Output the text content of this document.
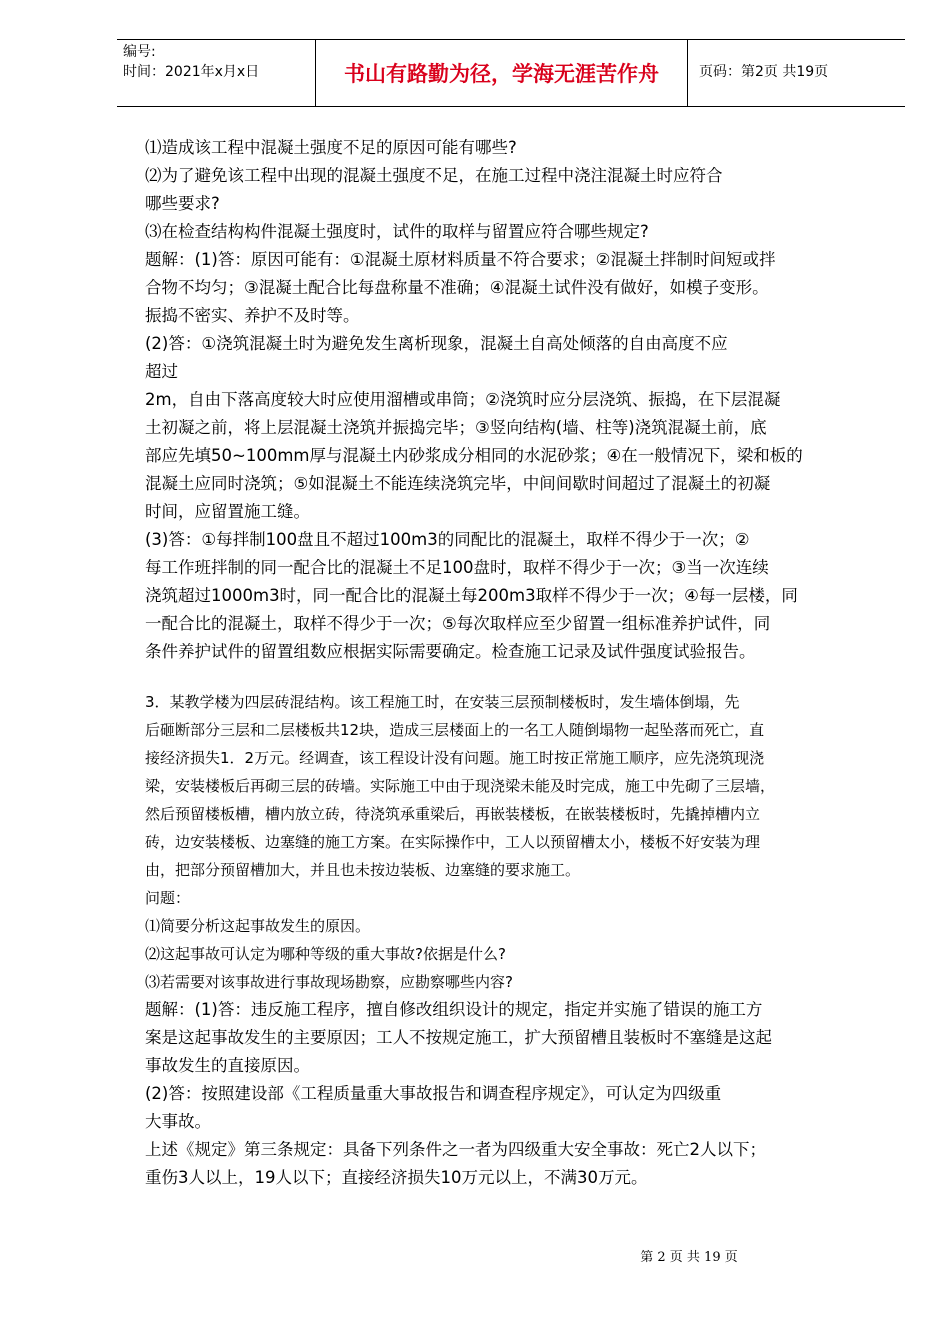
编号:
时间：2021年x月x日	书山有路勤为径，学海无涯苦作舟	页码：第2页 共19页

⑴造成该工程中混凝土强度不足的原因可能有哪些?

⑵为了避免该工程中出现的混凝土强度不足，在施工过程中浇注混凝土时应符合

哪些要求?

⑶在检查结构构件混凝土强度时，试件的取样与留置应符合哪些规定?

题解：(1)答：原因可能有：①混凝土原材料质量不符合要求；②混凝土拌制时间短或拌

合物不均匀；③混凝土配合比每盘称量不准确；④混凝土试件没有做好，如模子变形。

振捣不密实、养护不及时等。

(2)答：①浇筑混凝土时为避免发生离析现象，混凝土自高处倾落的自由高度不应

超过

2m，自由下落高度较大时应使用溜槽或串筒；②浇筑时应分层浇筑、振捣，在下层混凝

土初凝之前，将上层混凝土浇筑并振捣完毕；③竖向结构(墙、柱等)浇筑混凝土前，底

部应先填50~100mm厚与混凝土内砂浆成分相同的水泥砂浆；④在一般情况下，梁和板的

混凝土应同时浇筑；⑤如混凝土不能连续浇筑完毕，中间间歇时间超过了混凝土的初凝

时间，应留置施工缝。

(3)答：①每拌制100盘且不超过100m3的同配比的混凝土，取样不得少于一次；②

每工作班拌制的同一配合比的混凝土不足100盘时，取样不得少于一次；③当一次连续

浇筑超过1000m3时，同一配合比的混凝土每200m3取样不得少于一次；④每一层楼，同

一配合比的混凝土，取样不得少于一次；⑤每次取样应至少留置一组标准养护试件，同

条件养护试件的留置组数应根据实际需要确定。检查施工记录及试件强度试验报告。

3．某教学楼为四层砖混结构。该工程施工时，在安装三层预制楼板时，发生墙体倒塌，先

后砸断部分三层和二层楼板共12块，造成三层楼面上的一名工人随倒塌物一起坠落而死亡，直

接经济损失1．2万元。经调查，该工程设计没有问题。施工时按正常施工顺序，应先浇筑现浇

梁，安装楼板后再砌三层的砖墙。实际施工中由于现浇梁未能及时完成，施工中先砌了三层墙，

然后预留楼板槽，槽内放立砖，待浇筑承重梁后，再嵌装楼板，在嵌装楼板时，先撬掉槽内立

砖，边安装楼板、边塞缝的施工方案。在实际操作中，工人以预留槽太小，楼板不好安装为理

由，把部分预留槽加大，并且也未按边装板、边塞缝的要求施工。

问题：

⑴简要分析这起事故发生的原因。

⑵这起事故可认定为哪种等级的重大事故?依据是什么?

⑶若需要对该事故进行事故现场勘察，应勘察哪些内容?

题解：(1)答：违反施工程序，擅自修改组织设计的规定，指定并实施了错误的施工方

案是这起事故发生的主要原因；工人不按规定施工，扩大预留槽且装板时不塞缝是这起

事故发生的直接原因。

(2)答：按照建设部《工程质量重大事故报告和调查程序规定》，可认定为四级重

大事故。

上述《规定》第三条规定：具备下列条件之一者为四级重大安全事故：死亡2人以下；

重伤3人以上，19人以下；直接经济损失10万元以上，不满30万元。

第 2 页 共 19 页
